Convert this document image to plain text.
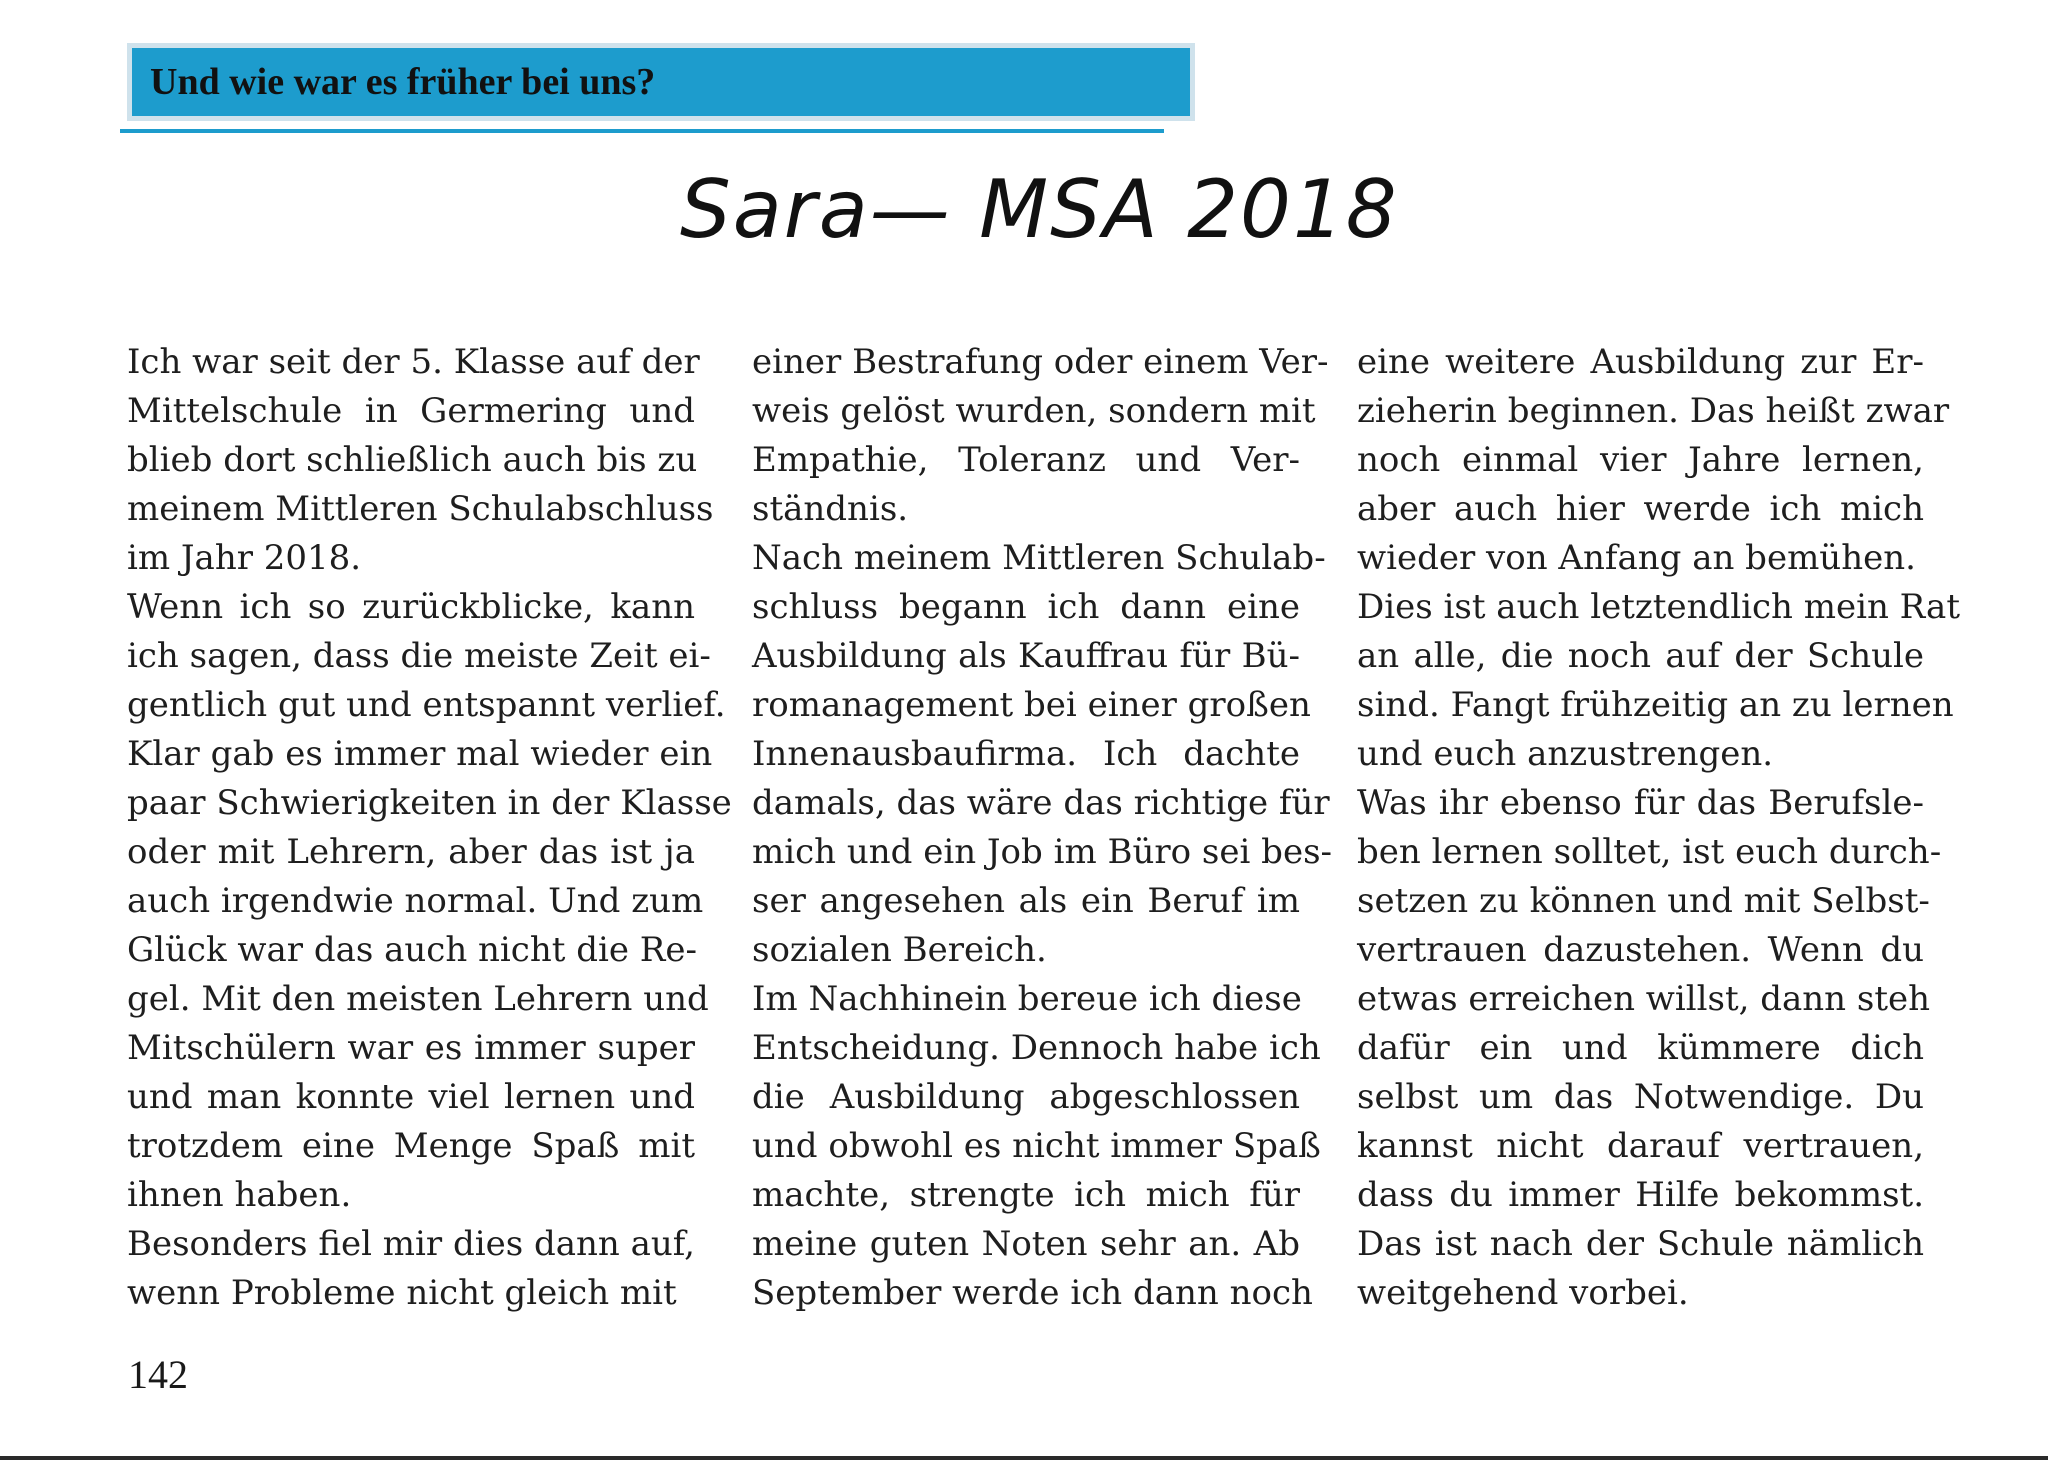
Und wie war es früher bei uns?
Sara— MSA 2018

Ich war seit der 5. Klasse auf der
Mittelschule in Germering und
blieb dort schließlich auch bis zu
meinem Mittleren Schulabschluss
im Jahr 2018.

Wenn ich so zurückblicke, kann
ich sagen, dass die meiste Zeit ei-
gentlich gut und entspannt verlief.
Klar gab es immer mal wieder ein
paar Schwierigkeiten in der Klasse
oder mit Lehrern, aber das ist ja
auch irgendwie normal. Und zum
Glück war das auch nicht die Re-
gel. Mit den meisten Lehrern und
Mitschülern war es immer super
und man konnte viel lernen und
trotzdem eine Menge Spaß mit
ihnen haben.

Besonders fiel mir dies dann auf,
wenn Probleme nicht gleich mit

einer Bestrafung oder einem Ver-
weis gelöst wurden, sondern mit
Empathie, Toleranz und Ver-
ständnis.

Nach meinem Mittleren Schulab-
schluss begann ich dann eine
Ausbildung als Kauffrau für Bü-
romanagement bei einer großen
Innenausbaufirma. Ich dachte
damals, das wäre das richtige für
mich und ein Job im Büro sei bes-
ser angesehen als ein Beruf im
sozialen Bereich.

Im Nachhinein bereue ich diese
Entscheidung. Dennoch habe ich
die Ausbildung abgeschlossen
und obwohl es nicht immer Spaß
machte, strengte ich mich für
meine guten Noten sehr an. Ab
September werde ich dann noch

eine weitere Ausbildung zur Er-
zieherin beginnen. Das heißt zwar
noch einmal vier Jahre lernen,
aber auch hier werde ich mich
wieder von Anfang an bemühen.

Dies ist auch letztendlich mein Rat
an alle, die noch auf der Schule
sind. Fangt frühzeitig an zu lernen
und euch anzustrengen.

Was ihr ebenso für das Berufsle-
ben lernen solltet, ist euch durch-
setzen zu können und mit Selbst-
vertrauen dazustehen. Wenn du
etwas erreichen willst, dann steh
dafür ein und kümmere dich
selbst um das Notwendige. Du
kannst nicht darauf vertrauen,
dass du immer Hilfe bekommst.
Das ist nach der Schule nämlich
weitgehend vorbei.

142
